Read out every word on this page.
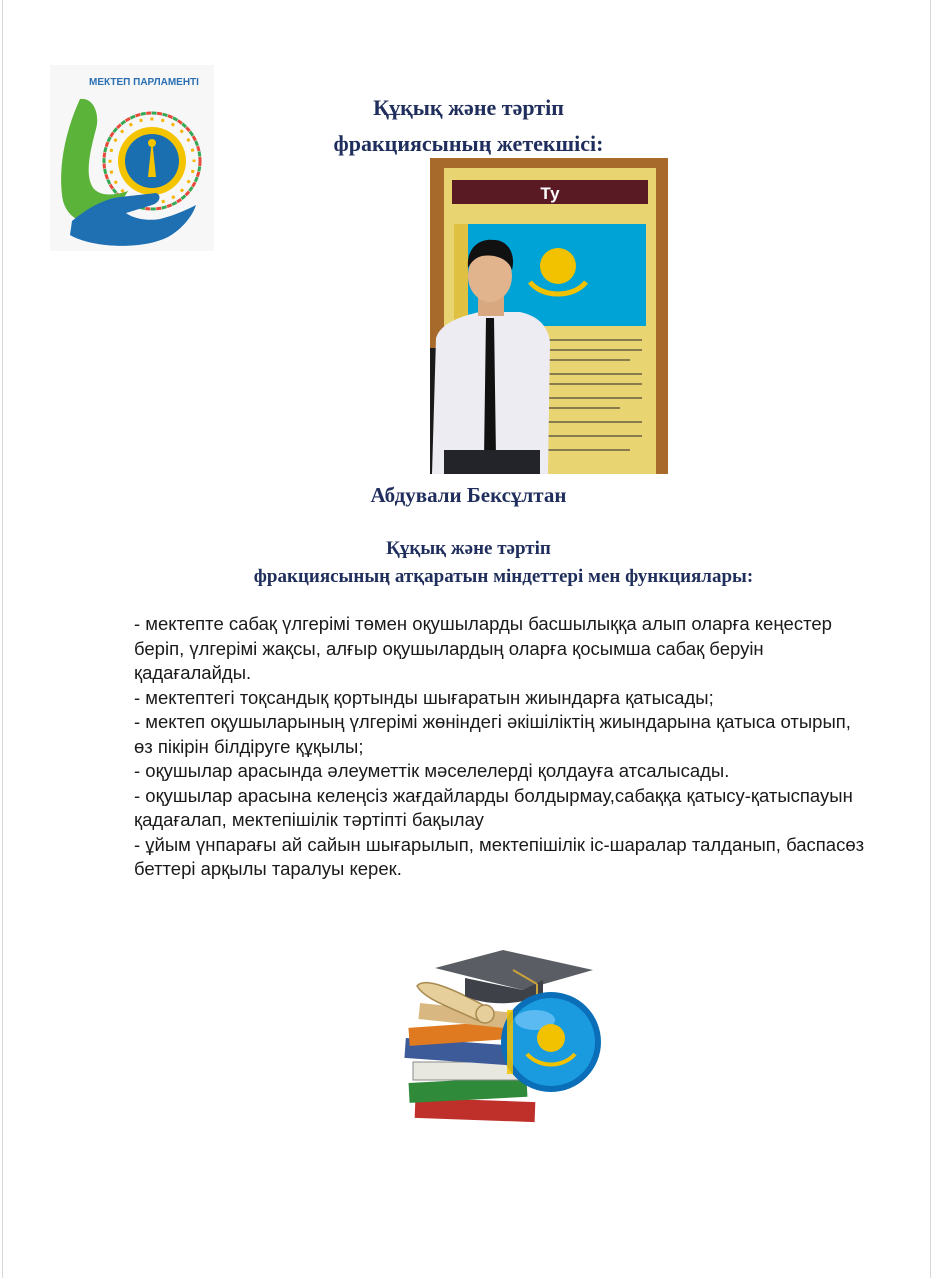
МЕКТЕП ПАРЛАМЕНТІ
Құқық және тәртіп
фракциясының жетекшісі:
Ту
Абдували Бексұлтан
Құқық және тәртіп
фракциясының атқаратын міндеттері мен функциялары:
- мектепте сабақ үлгерімі төмен оқушыларды басшылыққа алып оларға кеңестер беріп, үлгерімі жақсы, алғыр оқушылардың оларға қосымша сабақ беруін қадағалайды.
- мектептегі тоқсандық қортынды шығаратын жиындарға қатысады;
- мектеп оқушыларының үлгерімі жөніндегі әкішіліктің жиындарына қатыса отырып, өз пікірін білдіруге құқылы;
- оқушылар арасында әлеуметтік мәселелерді қолдауға атсалысады.
- оқушылар арасына келеңсіз жағдайларды болдырмау,сабаққа қатысу-қатыспауын қадағалап, мектепішілік тәртіпті бақылау
- ұйым үнпарағы ай сайын шығарылып, мектепішілік іс-шаралар талданып, баспасөз беттері арқылы таралуы керек.
